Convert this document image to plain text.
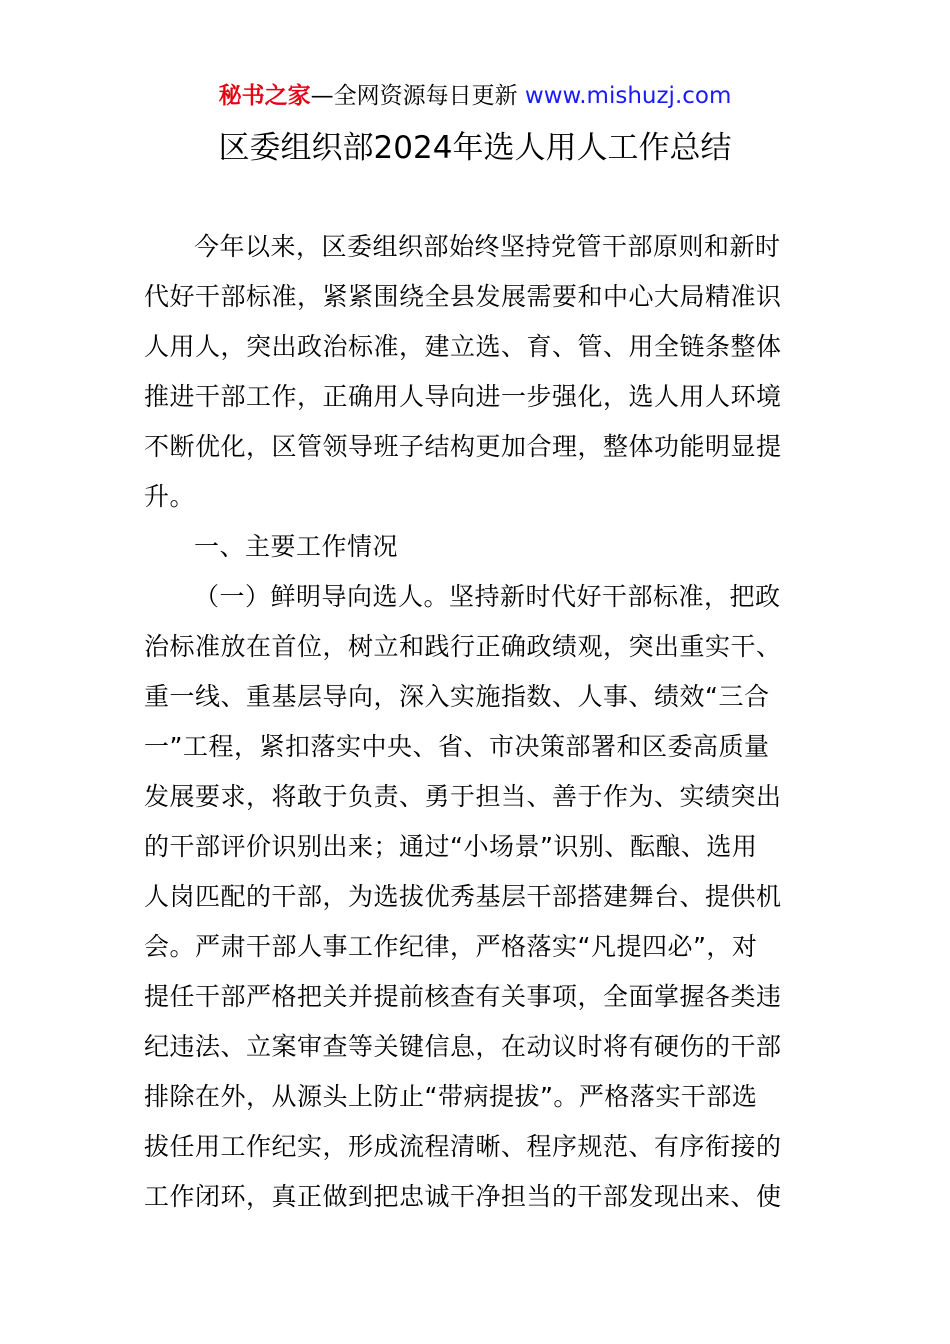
秘书之家—全网资源每日更新 www.mishuzj.com
区委组织部2024年选人用人工作总结
今年以来，区委组织部始终坚持党管干部原则和新时
代好干部标准，紧紧围绕全县发展需要和中心大局精准识
人用人，突出政治标准，建立选、育、管、用全链条整体
推进干部工作，正确用人导向进一步强化，选人用人环境
不断优化，区管领导班子结构更加合理，整体功能明显提
升。
一、主要工作情况
（一）鲜明导向选人。坚持新时代好干部标准，把政
治标准放在首位，树立和践行正确政绩观，突出重实干、
重一线、重基层导向，深入实施指数、人事、绩效“三合
一”工程，紧扣落实中央、省、市决策部署和区委高质量
发展要求，将敢于负责、勇于担当、善于作为、实绩突出
的干部评价识别出来；通过“小场景”识别、酝酿、选用
人岗匹配的干部，为选拔优秀基层干部搭建舞台、提供机
会。严肃干部人事工作纪律，严格落实“凡提四必”，对
提任干部严格把关并提前核查有关事项，全面掌握各类违
纪违法、立案审查等关键信息，在动议时将有硬伤的干部
排除在外，从源头上防止“带病提拔”。严格落实干部选
拔任用工作纪实，形成流程清晰、程序规范、有序衔接的
工作闭环，真正做到把忠诚干净担当的干部发现出来、使
